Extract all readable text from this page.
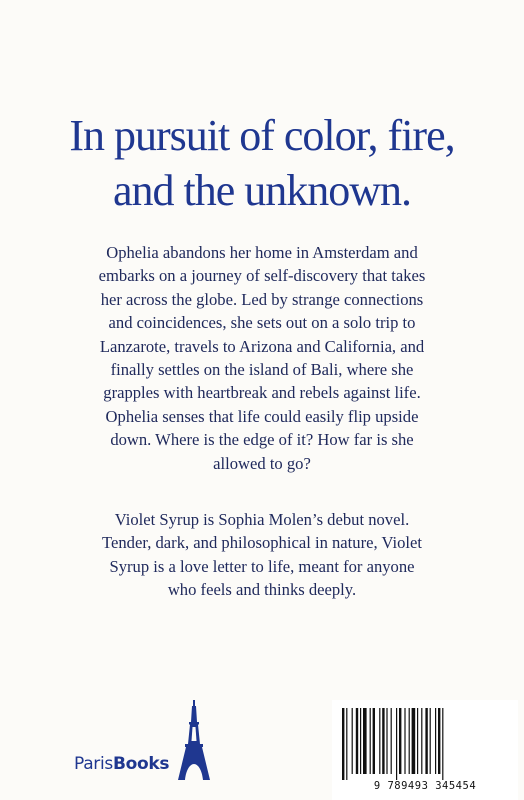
In pursuit of color, fire,
and the unknown.
Ophelia abandons her home in Amsterdam and
embarks on a journey of self-discovery that takes
her across the globe. Led by strange connections
and coincidences, she sets out on a solo trip to
Lanzarote, travels to Arizona and California, and
finally settles on the island of Bali, where she
grapples with heartbreak and rebels against life.
Ophelia senses that life could easily flip upside
down. Where is the edge of it? How far is she
allowed to go?
Violet Syrup is Sophia Molen’s debut novel.
Tender, dark, and philosophical in nature, Violet
Syrup is a love letter to life, meant for anyone
who feels and thinks deeply.
ParisBooks
9 789493 345454
